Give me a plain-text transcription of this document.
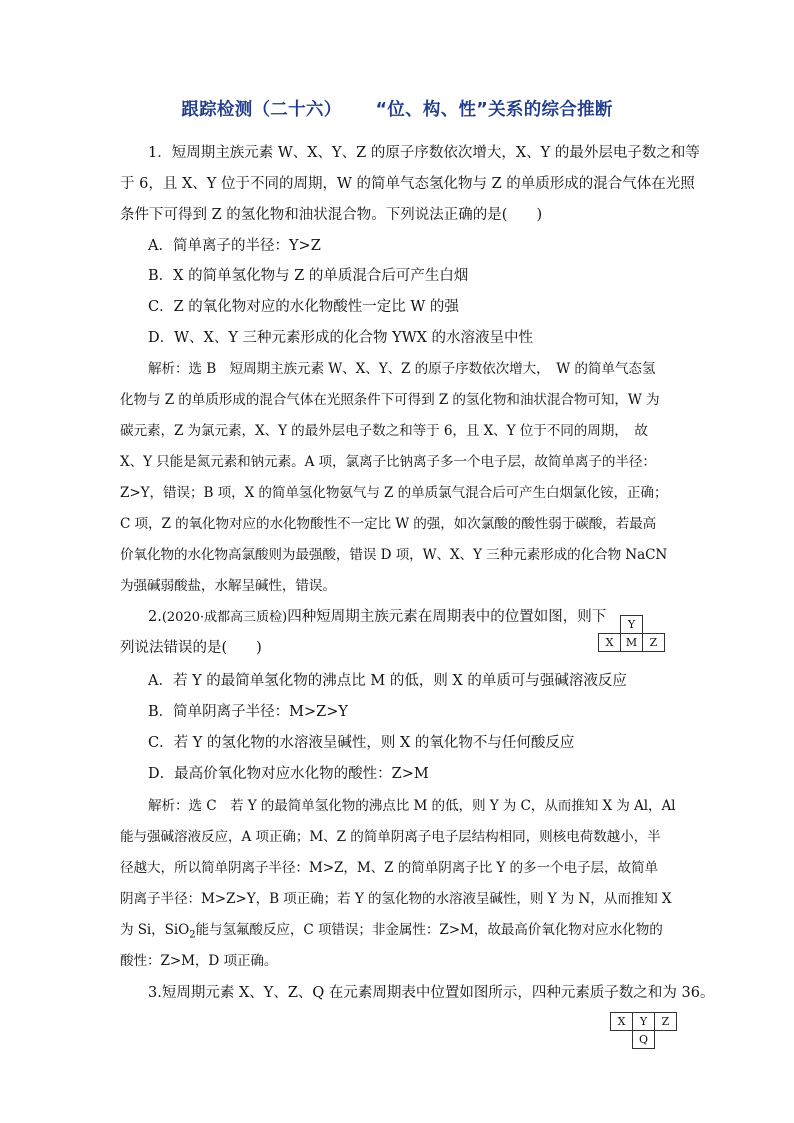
跟踪检测（二十六） “位、构、性”关系的综合推断
1．短周期主族元素 W、X、Y、Z 的原子序数依次增大，X、Y 的最外层电子数之和等
于 6，且 X、Y 位于不同的周期，W 的简单气态氢化物与 Z 的单质形成的混合气体在光照
条件下可得到 Z 的氢化物和油状混合物。下列说法正确的是(　　)
A．简单离子的半径：Y>Z
B．X 的简单氢化物与 Z 的单质混合后可产生白烟
C．Z 的氧化物对应的水化物酸性一定比 W 的强
D．W、X、Y 三种元素形成的化合物 YWX 的水溶液呈中性
解析：选 B　短周期主族元素 W、X、Y、Z 的原子序数依次增大，　W 的简单气态氢
化物与 Z 的单质形成的混合气体在光照条件下可得到 Z 的氢化物和油状混合物可知，W 为
碳元素，Z 为氯元素，X、Y 的最外层电子数之和等于 6，且 X、Y 位于不同的周期，　故
X、Y 只能是氮元素和钠元素。A 项，氯离子比钠离子多一个电子层，故简单离子的半径：
Z>Y，错误；B 项，X 的简单氢化物氨气与 Z 的单质氯气混合后可产生白烟氯化铵，正确；
C 项，Z 的氧化物对应的水化物酸性不一定比 W 的强，如次氯酸的酸性弱于碳酸，若最高
价氧化物的水化物高氯酸则为最强酸，错误 D 项，W、X、Y 三种元素形成的化合物 NaCN
为强碱弱酸盐，水解呈碱性，错误。
2.(2020·成都高三质检)四种短周期主族元素在周期表中的位置如图，则下
列说法错误的是(　　)
	Y	
X	M	Z
A．若 Y 的最简单氢化物的沸点比 M 的低，则 X 的单质可与强碱溶液反应
B．简单阴离子半径：M>Z>Y
C．若 Y 的氢化物的水溶液呈碱性，则 X 的氧化物不与任何酸反应
D．最高价氧化物对应水化物的酸性：Z>M
解析：选 C　若 Y 的最简单氢化物的沸点比 M 的低，则 Y 为 C，从而推知 X 为 Al，Al
能与强碱溶液反应，A 项正确；M、Z 的简单阴离子电子层结构相同，则核电荷数越小，半
径越大，所以简单阴离子半径：M>Z，M、Z 的简单阴离子比 Y 的多一个电子层，故简单
阴离子半径：M>Z>Y，B 项正确；若 Y 的氢化物的水溶液呈碱性，则 Y 为 N，从而推知 X
为 Si，SiO$_2$能与氢氟酸反应，C 项错误；非金属性：Z>M，故最高价氧化物对应水化物的
酸性：Z>M，D 项正确。
3.短周期元素 X、Y、Z、Q 在元素周期表中位置如图所示，四种元素质子数之和为 36。
X	Y	Z
	Q	
